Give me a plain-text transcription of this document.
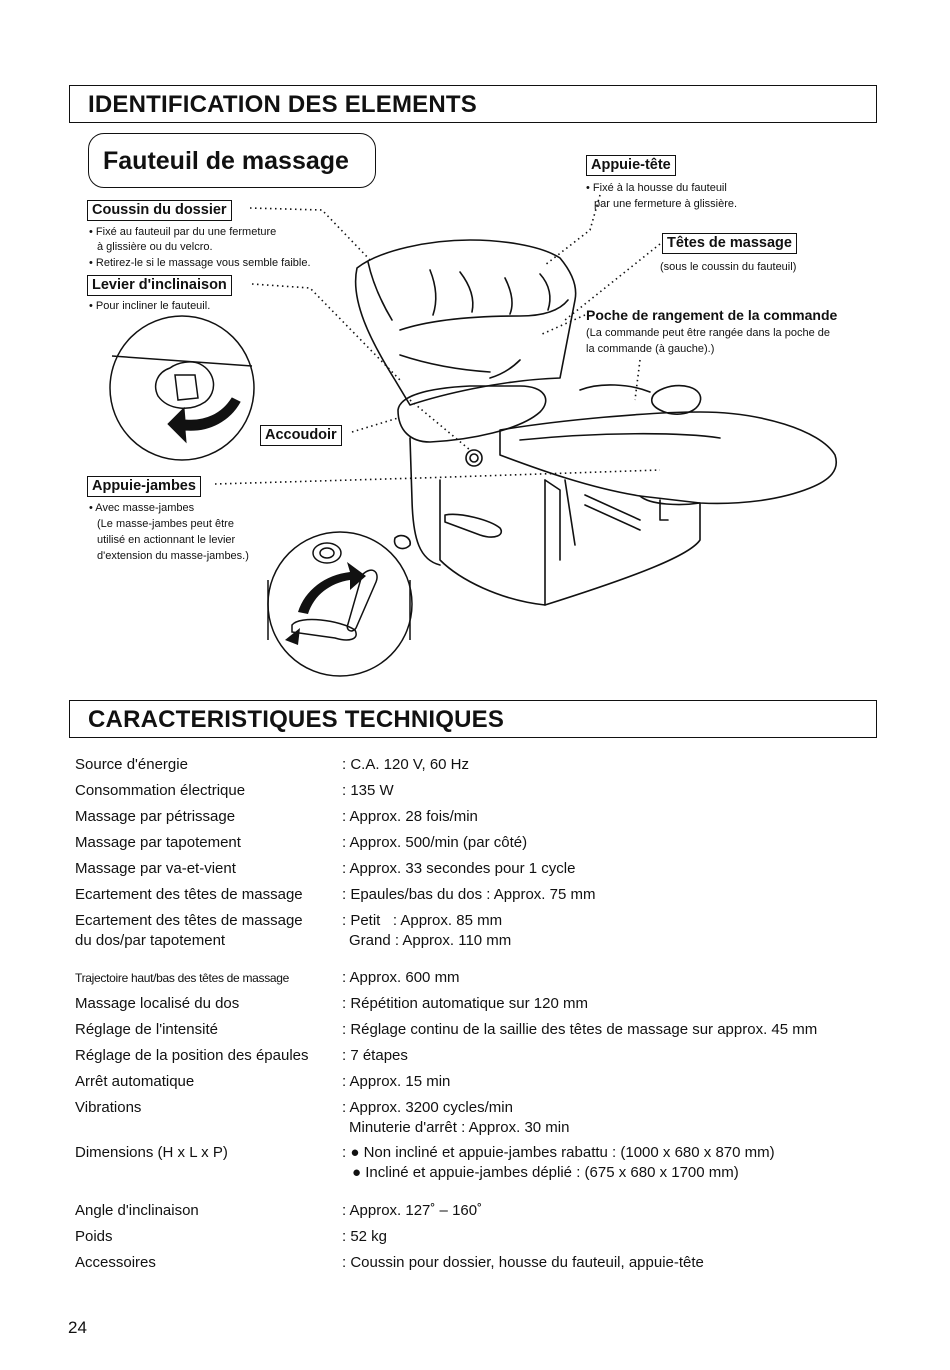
IDENTIFICATION DES ELEMENTS
Fauteuil de massage
Coussin du dossier
• Fixé au fauteuil par du une fermeture
à glissière ou du velcro.
• Retirez-le si le massage vous semble faible.
Levier d'inclinaison
• Pour incliner le fauteuil.
Accoudoir
Appuie-jambes
• Avec masse-jambes
(Le masse-jambes peut être
utilisé en actionnant le levier
d'extension du masse-jambes.)
Appuie-tête
• Fixé à la housse du fauteuil
par une fermeture à glissière.
Têtes de massage
(sous le coussin du fauteuil)
Poche de rangement de la commande
(La commande peut être rangée dans la poche de
la commande (à gauche).)
CARACTERISTIQUES TECHNIQUES
Source d'énergie	: C.A. 120 V, 60 Hz
Consommation électrique	: 135 W
Massage par pétrissage	: Approx. 28 fois/min
Massage par tapotement	: Approx. 500/min (par côté)
Massage par va-et-vient	: Approx. 33 secondes pour 1 cycle
Ecartement des têtes de massage	: Epaules/bas du dos : Approx. 75 mm
Ecartement des têtes de massage
du dos/par tapotement
: Petit   : Approx. 85 mm
Grand : Approx. 110 mm
Trajectoire haut/bas des têtes de massage	: Approx. 600 mm
Massage localisé du dos	: Répétition automatique sur 120 mm
Réglage de l'intensité	: Réglage continu de la saillie des têtes de massage sur approx. 45 mm
Réglage de la position des épaules : 7 étapes
Arrêt automatique	: Approx. 15 min
Vibrations	: Approx. 3200 cycles/min
Minuterie d'arrêt : Approx. 30 min
Dimensions (H x L x P)	: ● Non incliné et appuie-jambes rabattu : (1000 x 680 x 870 mm)
● Incliné et appuie-jambes déplié : (675 x 680 x 1700 mm)
Angle d'inclinaison	: Approx. 127˚ – 160˚
Poids	: 52 kg
Accessoires	: Coussin pour dossier, housse du fauteuil, appuie-tête
24
